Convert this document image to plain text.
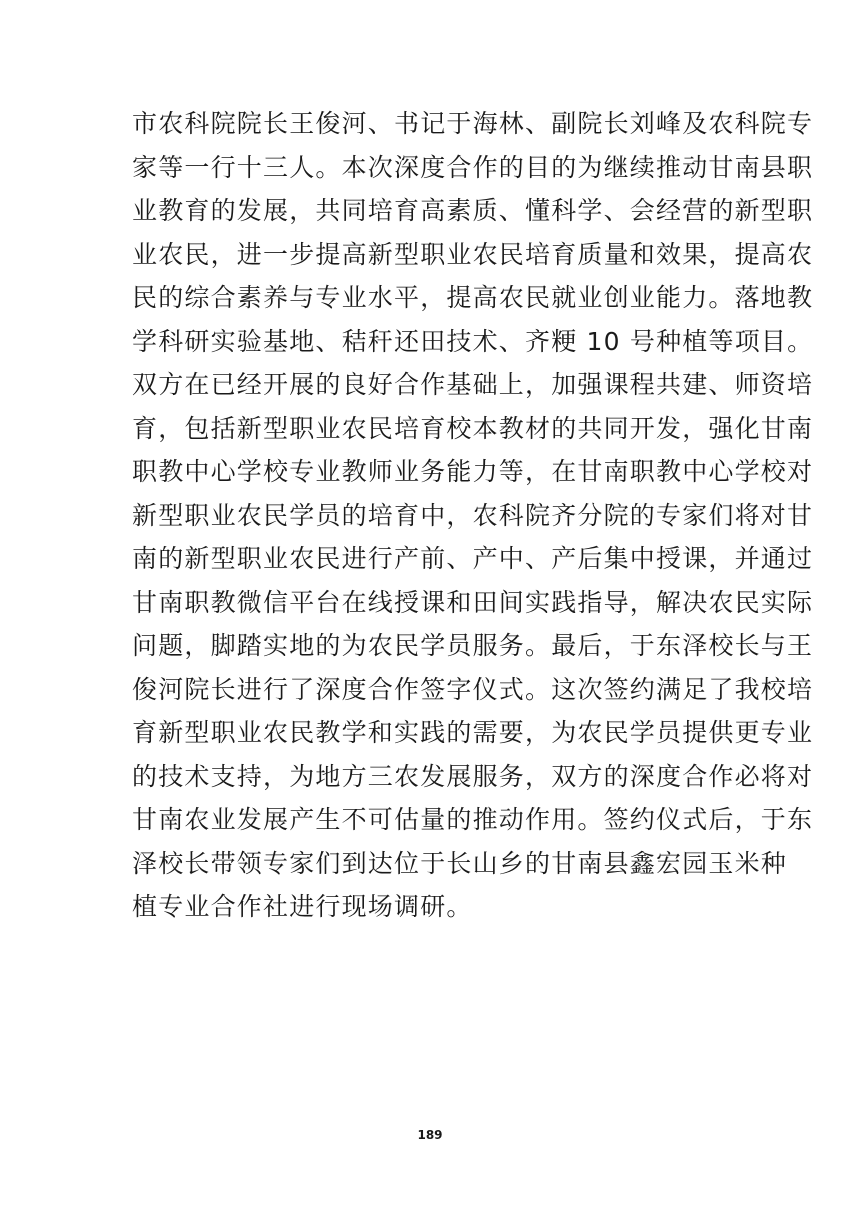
市农科院院长王俊河、书记于海林、副院长刘峰及农科院专
家等一行十三人。本次深度合作的目的为继续推动甘南县职
业教育的发展，共同培育高素质、懂科学、会经营的新型职
业农民，进一步提高新型职业农民培育质量和效果，提高农
民的综合素养与专业水平，提高农民就业创业能力。落地教
学科研实验基地、秸秆还田技术、齐粳 10 号种植等项目。
双方在已经开展的良好合作基础上，加强课程共建、师资培
育，包括新型职业农民培育校本教材的共同开发，强化甘南
职教中心学校专业教师业务能力等，在甘南职教中心学校对
新型职业农民学员的培育中，农科院齐分院的专家们将对甘
南的新型职业农民进行产前、产中、产后集中授课，并通过
甘南职教微信平台在线授课和田间实践指导，解决农民实际
问题，脚踏实地的为农民学员服务。最后，于东泽校长与王
俊河院长进行了深度合作签字仪式。这次签约满足了我校培
育新型职业农民教学和实践的需要，为农民学员提供更专业
的技术支持，为地方三农发展服务，双方的深度合作必将对
甘南农业发展产生不可估量的推动作用。签约仪式后，于东
泽校长带领专家们到达位于长山乡的甘南县鑫宏园玉米种
植专业合作社进行现场调研。
189
